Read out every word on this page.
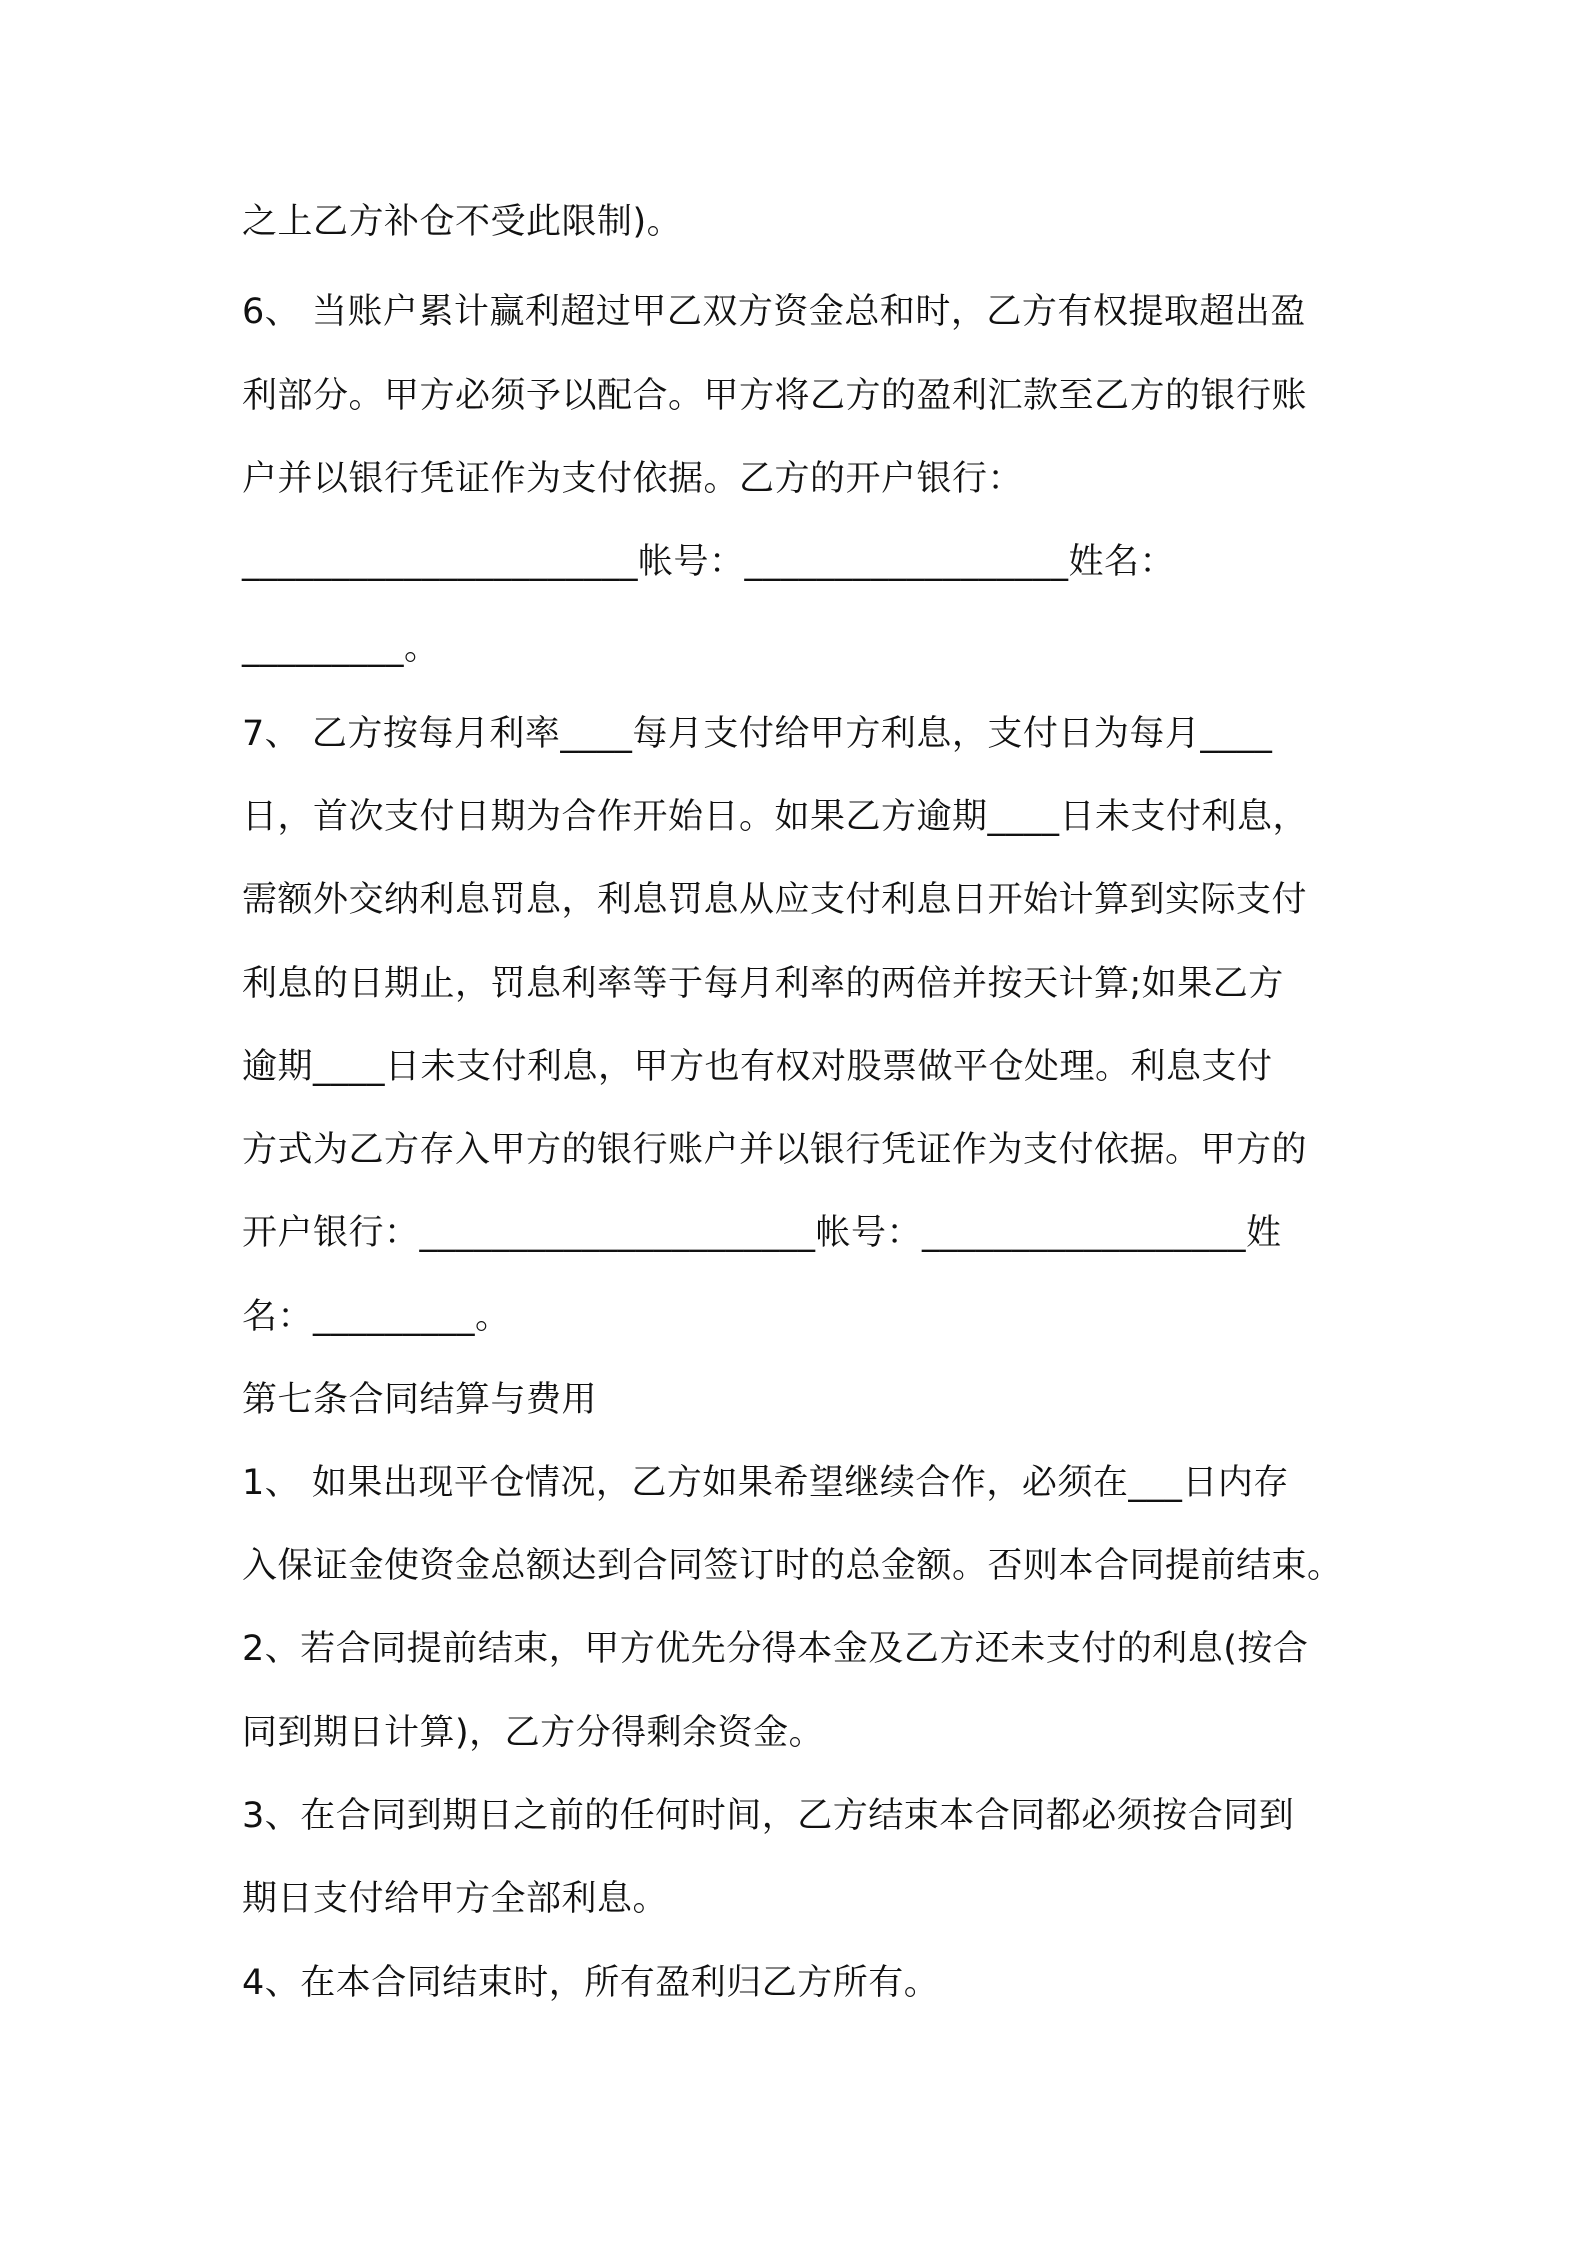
之上乙方补仓不受此限制)。
6、 当账户累计赢利超过甲乙双方资金总和时，乙方有权提取超出盈
利部分。甲方必须予以配合。甲方将乙方的盈利汇款至乙方的银行账
户并以银行凭证作为支付依据。乙方的开户银行：
______________________帐号：__________________姓名：
_________。
7、 乙方按每月利率____每月支付给甲方利息，支付日为每月____
日，首次支付日期为合作开始日。如果乙方逾期____日未支付利息，
需额外交纳利息罚息，利息罚息从应支付利息日开始计算到实际支付
利息的日期止，罚息利率等于每月利率的两倍并按天计算;如果乙方
逾期____日未支付利息，甲方也有权对股票做平仓处理。利息支付
方式为乙方存入甲方的银行账户并以银行凭证作为支付依据。甲方的
开户银行：______________________帐号：__________________姓
名：_________。
第七条合同结算与费用
1、 如果出现平仓情况，乙方如果希望继续合作，必须在___日内存
入保证金使资金总额达到合同签订时的总金额。否则本合同提前结束。
2、若合同提前结束，甲方优先分得本金及乙方还未支付的利息(按合
同到期日计算)，乙方分得剩余资金。
3、在合同到期日之前的任何时间，乙方结束本合同都必须按合同到
期日支付给甲方全部利息。
4、在本合同结束时，所有盈利归乙方所有。
